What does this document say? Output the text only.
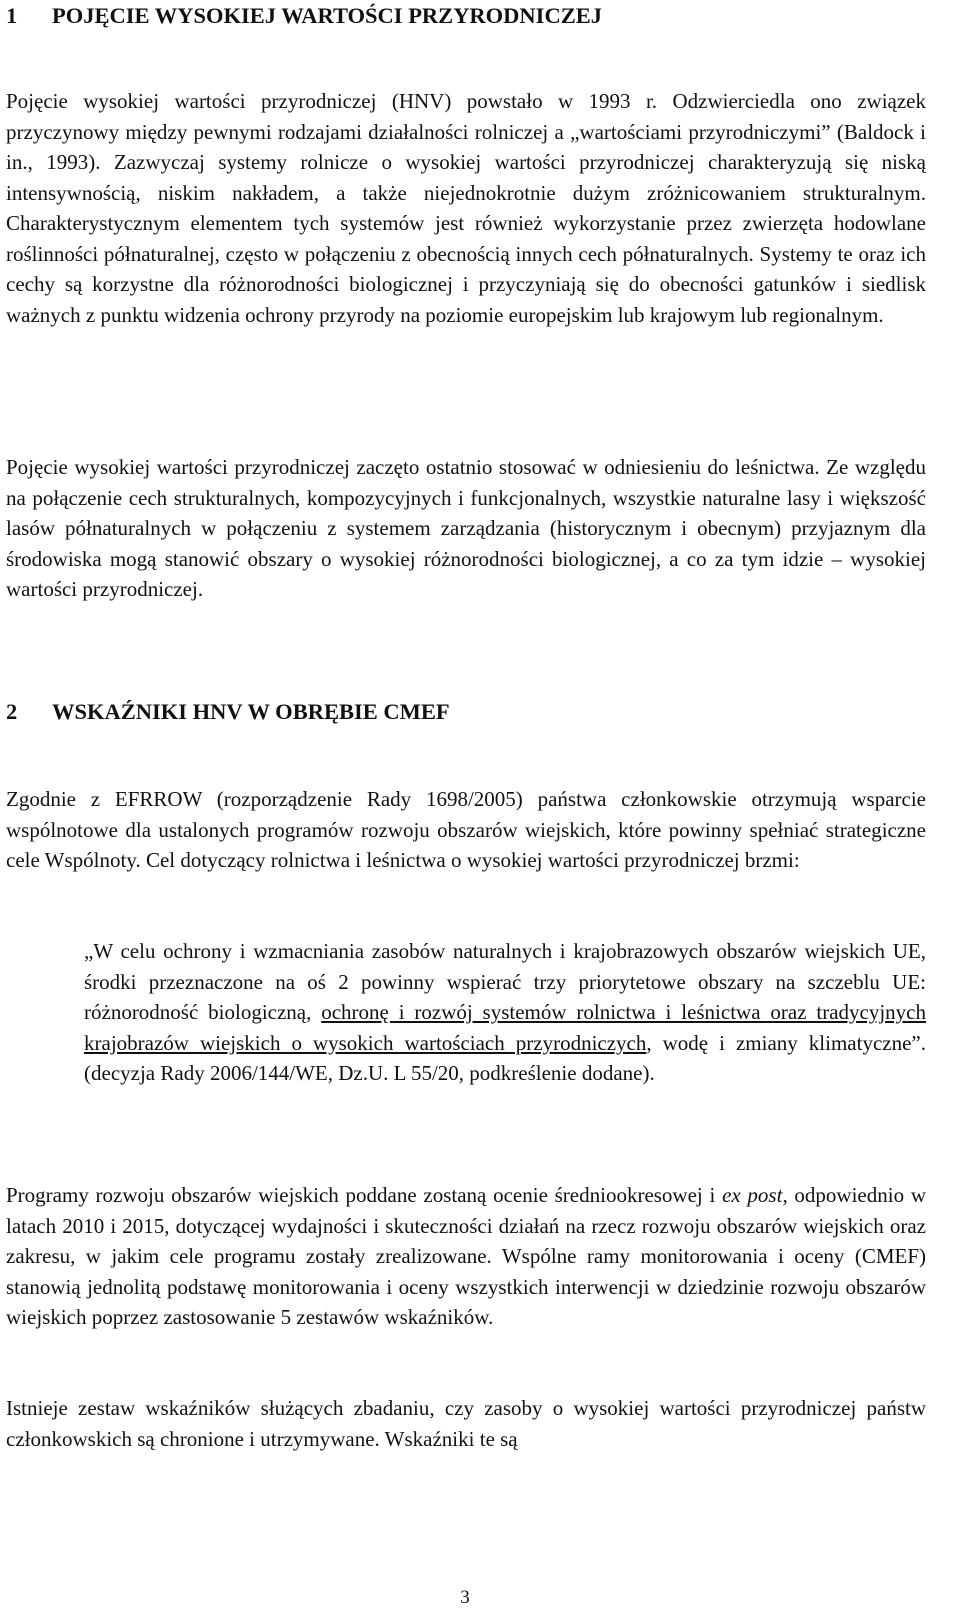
1 POJĘCIE WYSOKIEJ WARTOŚCI PRZYRODNICZEJ

Pojęcie wysokiej wartości przyrodniczej (HNV) powstało w 1993 r. Odzwierciedla ono związek przyczynowy między pewnymi rodzajami działalności rolniczej a „wartościami przyrodniczymi” (Baldock i in., 1993). Zazwyczaj systemy rolnicze o wysokiej wartości przyrodniczej charakteryzują się niską intensywnością, niskim nakładem, a także niejednokrotnie dużym zróżnicowaniem strukturalnym. Charakterystycznym elementem tych systemów jest również wykorzystanie przez zwierzęta hodowlane roślinności półnaturalnej, często w połączeniu z obecnością innych cech półnaturalnych. Systemy te oraz ich cechy są korzystne dla różnorodności biologicznej i przyczyniają się do obecności gatunków i siedlisk ważnych z punktu widzenia ochrony przyrody na poziomie europejskim lub krajowym lub regionalnym.

Pojęcie wysokiej wartości przyrodniczej zaczęto ostatnio stosować w odniesieniu do leśnictwa. Ze względu na połączenie cech strukturalnych, kompozycyjnych i funkcjonalnych, wszystkie naturalne lasy i większość lasów półnaturalnych w połączeniu z systemem zarządzania (historycznym i obecnym) przyjaznym dla środowiska mogą stanowić obszary o wysokiej różnorodności biologicznej, a co za tym idzie – wysokiej wartości przyrodniczej.

2 WSKAŹNIKI HNV W OBRĘBIE CMEF

Zgodnie z EFRROW (rozporządzenie Rady 1698/2005) państwa członkowskie otrzymują wsparcie wspólnotowe dla ustalonych programów rozwoju obszarów wiejskich, które powinny spełniać strategiczne cele Wspólnoty. Cel dotyczący rolnictwa i leśnictwa o wysokiej wartości przyrodniczej brzmi:

„W celu ochrony i wzmacniania zasobów naturalnych i krajobrazowych obszarów wiejskich UE, środki przeznaczone na oś 2 powinny wspierać trzy priorytetowe obszary na szczeblu UE: różnorodność biologiczną, ochronę i rozwój systemów rolnictwa i leśnictwa oraz tradycyjnych krajobrazów wiejskich o wysokich wartościach przyrodniczych, wodę i zmiany klimatyczne”. (decyzja Rady 2006/144/WE, Dz.U. L 55/20, podkreślenie dodane).

Programy rozwoju obszarów wiejskich poddane zostaną ocenie średniookresowej i ex post, odpowiednio w latach 2010 i 2015, dotyczącej wydajności i skuteczności działań na rzecz rozwoju obszarów wiejskich oraz zakresu, w jakim cele programu zostały zrealizowane. Wspólne ramy monitorowania i oceny (CMEF) stanowią jednolitą podstawę monitorowania i oceny wszystkich interwencji w dziedzinie rozwoju obszarów wiejskich poprzez zastosowanie 5 zestawów wskaźników.

Istnieje zestaw wskaźników służących zbadaniu, czy zasoby o wysokiej wartości przyrodniczej państw członkowskich są chronione i utrzymywane. Wskaźniki te są

3
